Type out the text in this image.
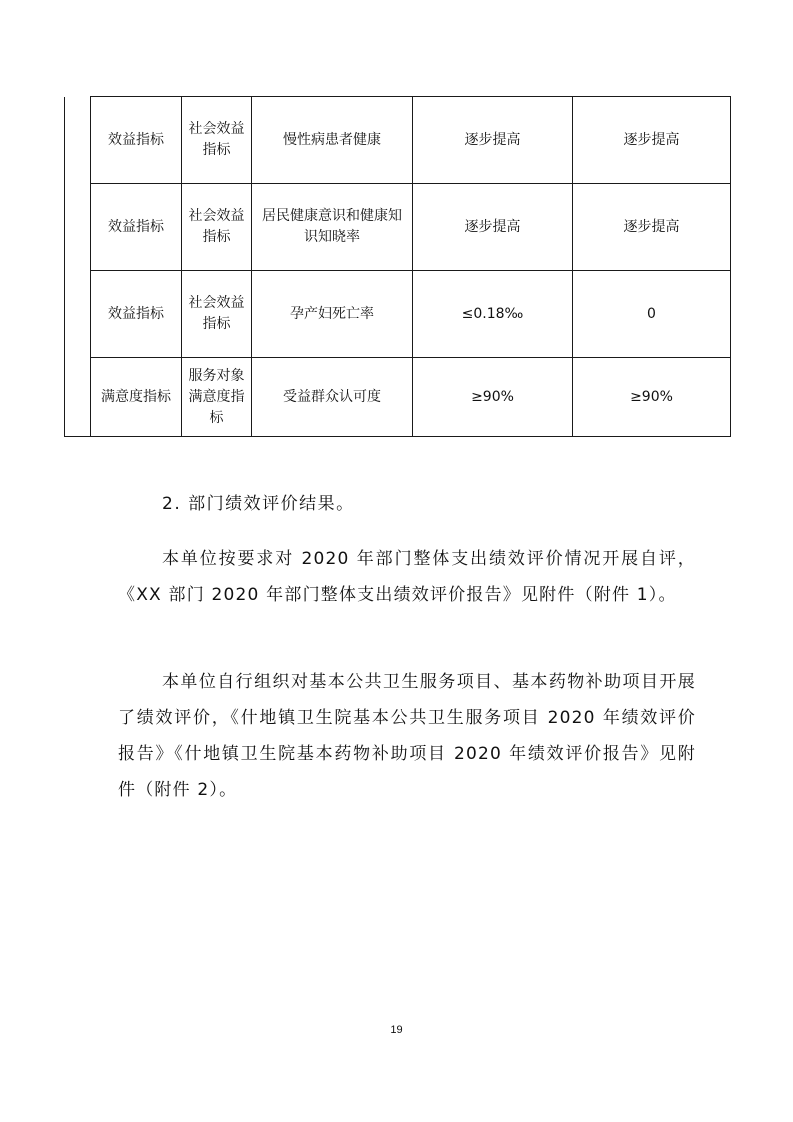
	效益指标	社会效益指标	慢性病患者健康	逐步提高	逐步提高
	效益指标	社会效益指标	居民健康意识和健康知识知晓率	逐步提高	逐步提高
	效益指标	社会效益指标	孕产妇死亡率	≤0.18‰	0
	满意度指标	服务对象满意度指标	受益群众认可度	≥90%	≥90%
2. 部门绩效评价结果。

本单位按要求对 2020 年部门整体支出绩效评价情况开展自评，《XX 部门 2020 年部门整体支出绩效评价报告》见附件（附件 1）。

本单位自行组织对基本公共卫生服务项目、基本药物补助项目开展了绩效评价，《什地镇卫生院基本公共卫生服务项目 2020 年绩效评价报告》《什地镇卫生院基本药物补助项目 2020 年绩效评价报告》见附件（附件 2）。

19
